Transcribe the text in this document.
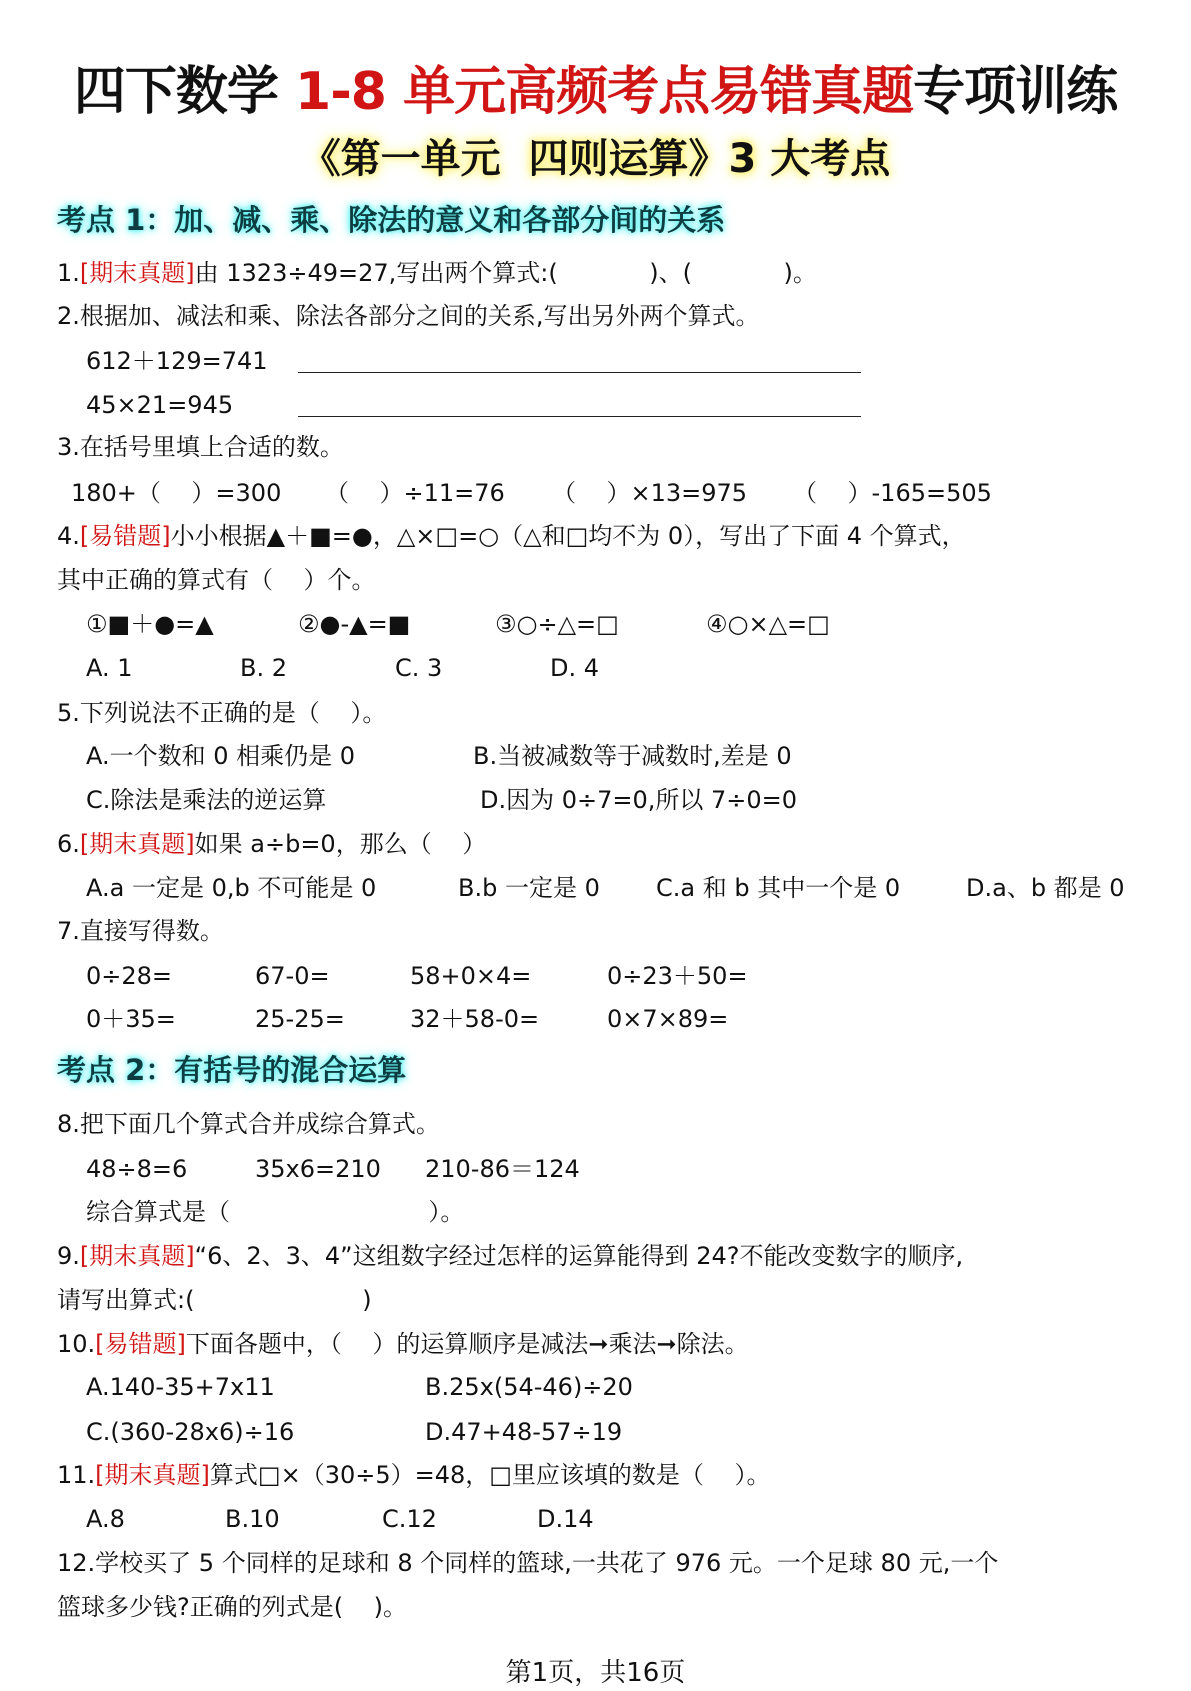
四下数学 1-8 单元高频考点易错真题专项训练
《第一单元  四则运算》3 大考点
考点 1：加、减、乘、除法的意义和各部分间的关系
1.[期末真题]由 1323÷49=27,写出两个算式:(            )、(            )。
2.根据加、减法和乘、除法各部分之间的关系,写出另外两个算式。
612＋129=741
45×21=945
3.在括号里填上合适的数。
180+（    ）=300 （    ）÷11=76 （    ）×13=975 （    ）-165=505
4.[易错题]小小根据▲＋■=●，△×□=○（△和□均不为 0），写出了下面 4 个算式，
其中正确的算式有（    ）个。
①■＋●=▲	②●-▲=■	③○÷△=□	④○×△=□
A. 1	B. 2	C. 3	D. 4
5.下列说法不正确的是（    ）。
A.一个数和 0 相乘仍是 0	B.当被减数等于减数时,差是 0
C.除法是乘法的逆运算	D.因为 0÷7=0,所以 7÷0=0
6.[期末真题]如果 a÷b=0，那么（    ）
A.a 一定是 0,b 不可能是 0	B.b 一定是 0 C.a 和 b 其中一个是 0	D.a、b 都是 0
7.直接写得数。
0÷28=	67-0=	58+0×4=	0÷23＋50=
0＋35=	25-25=	32＋58-0=	0×7×89=
考点 2：有括号的混合运算
8.把下面几个算式合并成综合算式。
48÷8=6	35x6=210 210-86＝124
综合算式是（                          ）。
9.[期末真题]“6、2、3、4”这组数字经过怎样的运算能得到 24?不能改变数字的顺序,
请写出算式:(                      )
10.[易错题]下面各题中，（    ）的运算顺序是减法➞乘法➞除法。
A.140-35+7x11	B.25x(54-46)÷20
C.(360-28x6)÷16	D.47+48-57÷19
11.[期末真题]算式□×（30÷5）=48，□里应该填的数是（    ）。
A.8	B.10	C.12	D.14
12.学校买了 5 个同样的足球和 8 个同样的篮球,一共花了 976 元。一个足球 80 元,一个
篮球多少钱?正确的列式是(    )。
第1页，共16页
